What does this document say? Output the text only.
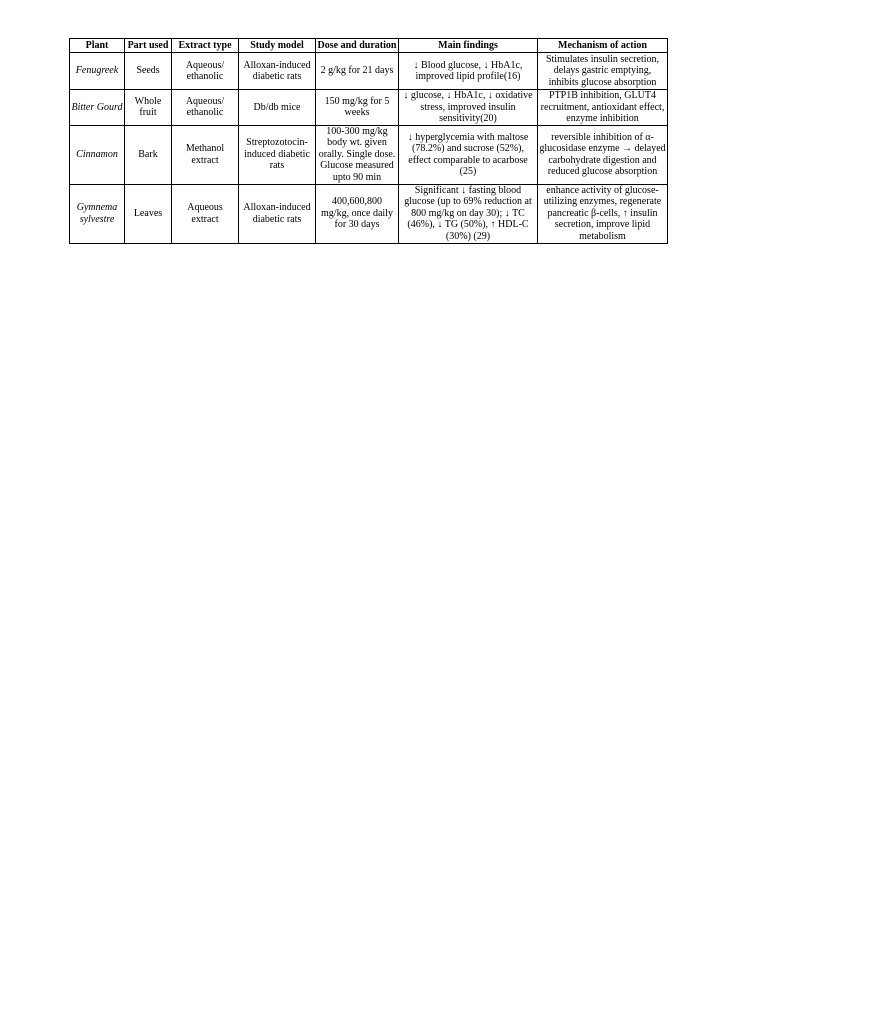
Plant	Part used	Extract type	Study model	Dose and duration	Main findings	Mechanism of action
Fenugreek	Seeds	Aqueous/ ethanolic	Alloxan-induced diabetic rats	2 g/kg for 21 days	↓ Blood glucose, ↓ HbA1c, improved lipid profile(16)	Stimulates insulin secretion, delays gastric emptying, inhibits glucose absorption
Bitter Gourd	Whole fruit	Aqueous/ ethanolic	Db/db mice	150 mg/kg for 5 weeks	↓ glucose, ↓ HbA1c, ↓ oxidative stress, improved insulin sensitivity(20)	PTP1B inhibition, GLUT4 recruitment, antioxidant effect, enzyme inhibition
Cinnamon	Bark	Methanol extract	Streptozotocin-induced diabetic rats	100-300 mg/kg body wt. given orally. Single dose. Glucose measured upto 90 min	↓ hyperglycemia with maltose (78.2%) and sucrose (52%), effect comparable to acarbose (25)	reversible inhibition of α-glucosidase enzyme → delayed carbohydrate digestion and reduced glucose absorption
Gymnema sylvestre	Leaves	Aqueous extract	Alloxan-induced diabetic rats	400,600,800 mg/kg, once daily for 30 days	Significant ↓ fasting blood glucose (up to 69% reduction at 800 mg/kg on day 30); ↓ TC (46%), ↓ TG (50%), ↑ HDL-C (30%) (29)	enhance activity of glucose-utilizing enzymes, regenerate pancreatic β-cells, ↑ insulin secretion, improve lipid metabolism
